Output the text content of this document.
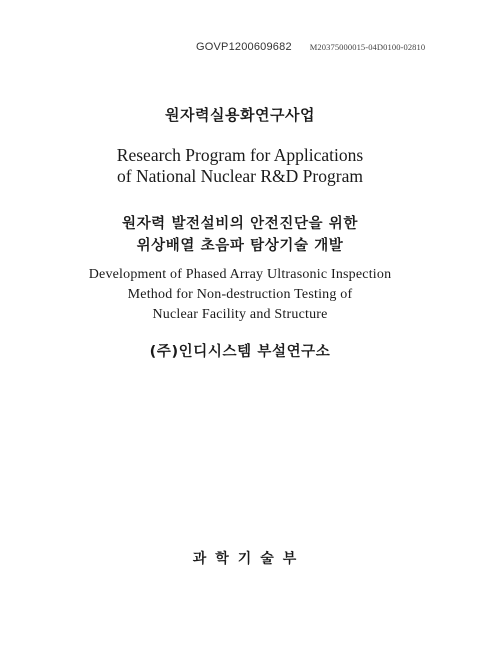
GOVP1200609682 M20375000015-04D0100-02810
원자력실용화연구사업
Research Program for Applications
of National Nuclear R&D Program
원자력 발전설비의 안전진단을 위한
위상배열 초음파 탐상기술 개발
Development of Phased Array Ultrasonic Inspection
Method for Non-destruction Testing of
Nuclear Facility and Structure
(주)인디시스템 부설연구소
과학기술부
